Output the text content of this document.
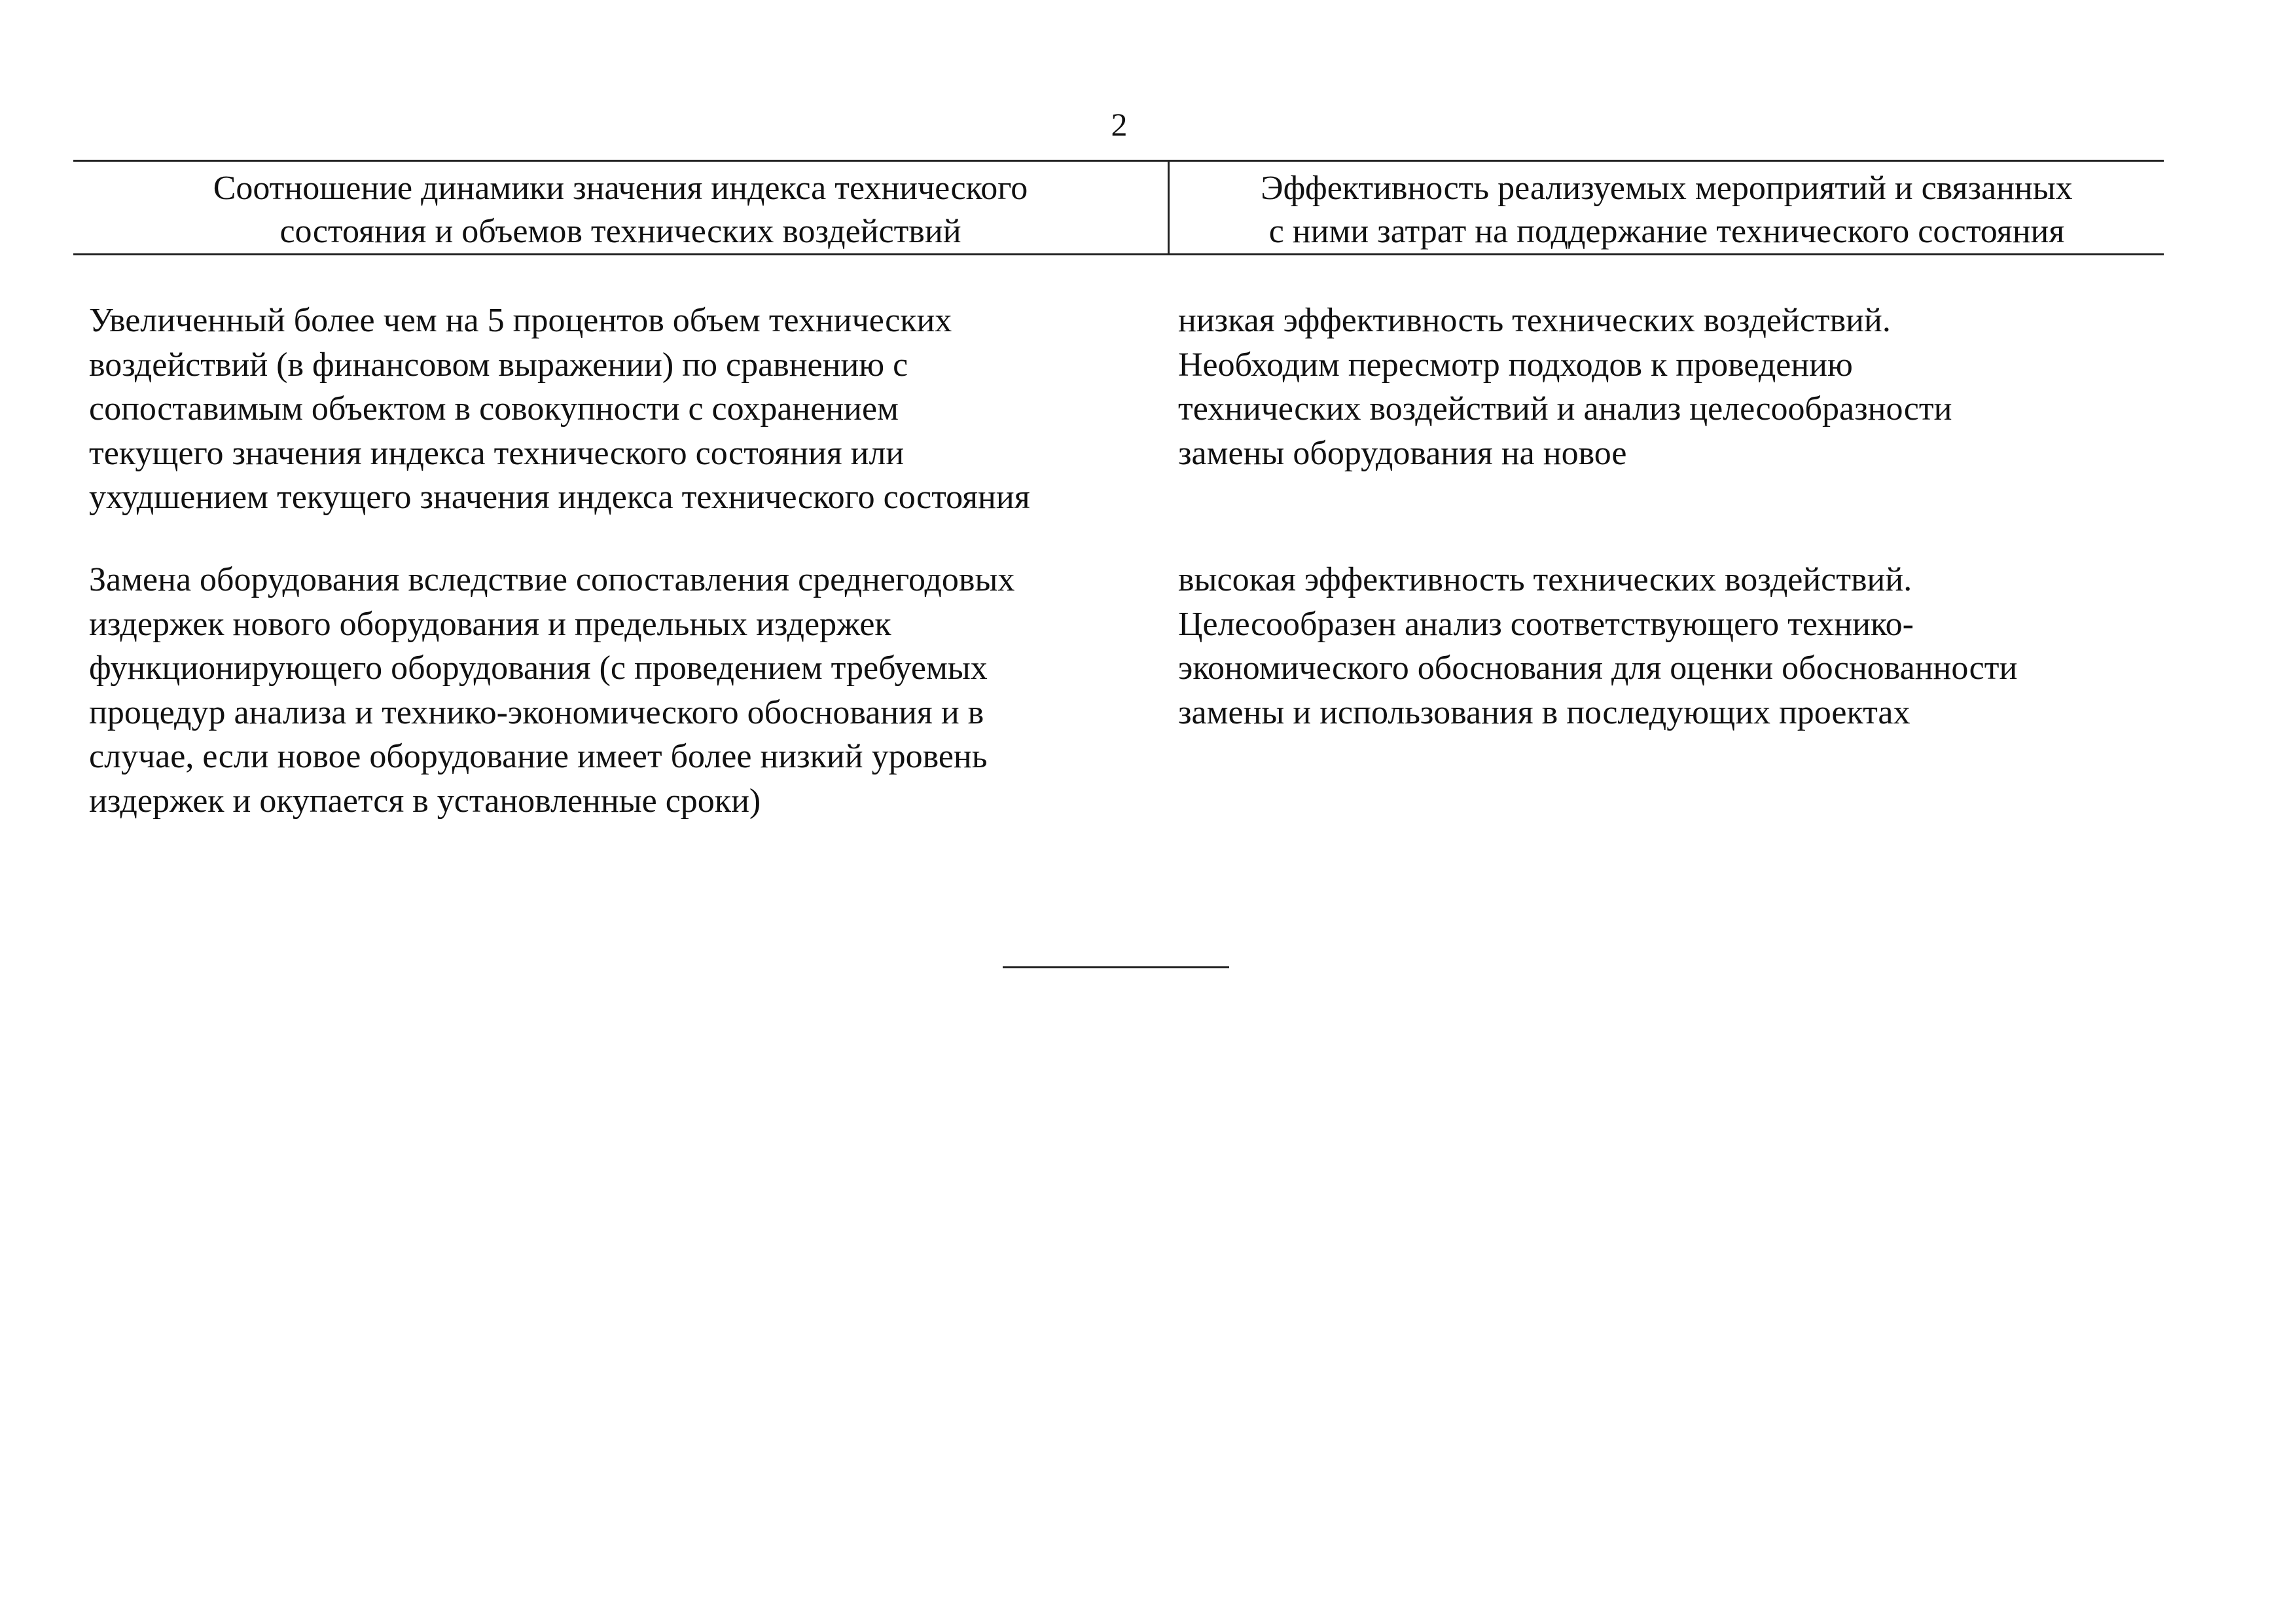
2
Соотношение динамики значения индекса технического
состояния и объемов технических воздействий
Эффективность реализуемых мероприятий и связанных
с ними затрат на поддержание технического состояния
Увеличенный более чем на 5 процентов объем технических
воздействий (в финансовом выражении) по сравнению с
сопоставимым объектом в совокупности с сохранением
текущего значения индекса технического состояния или
ухудшением текущего значения индекса технического состояния
низкая эффективность технических воздействий.
Необходим пересмотр подходов к проведению
технических воздействий и анализ целесообразности
замены оборудования на новое
Замена оборудования вследствие сопоставления среднегодовых
издержек нового оборудования и предельных издержек
функционирующего оборудования (с проведением требуемых
процедур анализа и технико-экономического обоснования и в
случае, если новое оборудование имеет более низкий уровень
издержек и окупается в установленные сроки)
высокая эффективность технических воздействий.
Целесообразен анализ соответствующего технико-
экономического обоснования для оценки обоснованности
замены и использования в последующих проектах
